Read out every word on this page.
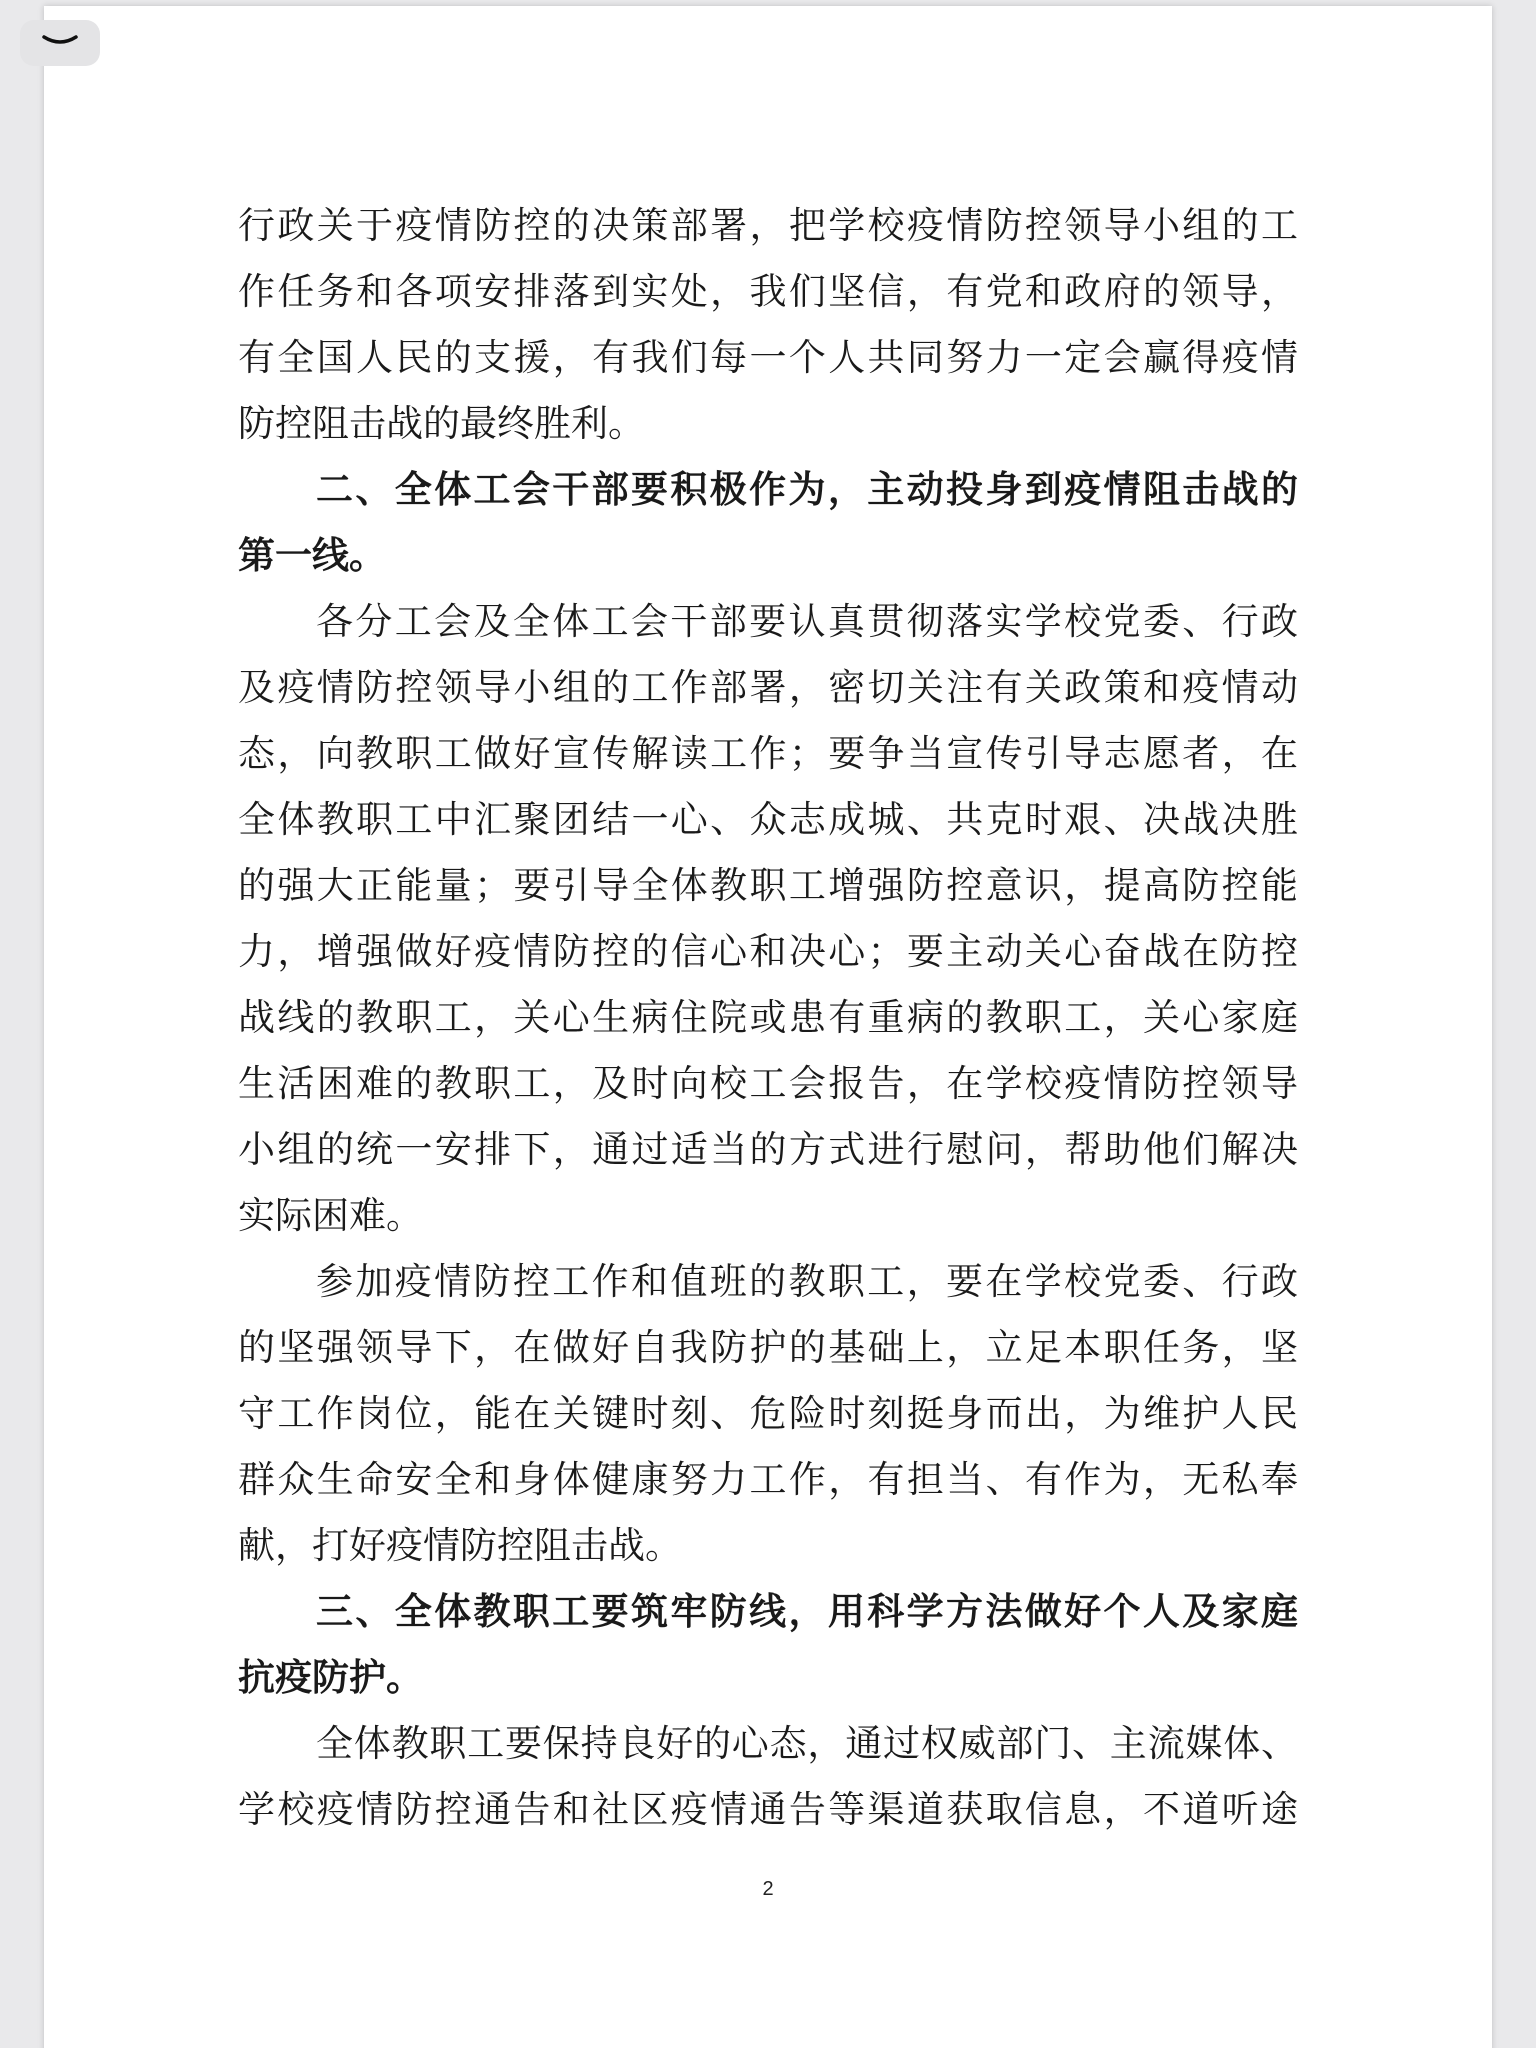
行政关于疫情防控的决策部署，把学校疫情防控领导小组的工
作任务和各项安排落到实处，我们坚信，有党和政府的领导，
有全国人民的支援，有我们每一个人共同努力一定会赢得疫情
防控阻击战的最终胜利。
二、全体工会干部要积极作为，主动投身到疫情阻击战的
第一线。
各分工会及全体工会干部要认真贯彻落实学校党委、行政
及疫情防控领导小组的工作部署，密切关注有关政策和疫情动
态，向教职工做好宣传解读工作；要争当宣传引导志愿者，在
全体教职工中汇聚团结一心、众志成城、共克时艰、决战决胜
的强大正能量；要引导全体教职工增强防控意识，提高防控能
力，增强做好疫情防控的信心和决心；要主动关心奋战在防控
战线的教职工，关心生病住院或患有重病的教职工，关心家庭
生活困难的教职工，及时向校工会报告，在学校疫情防控领导
小组的统一安排下，通过适当的方式进行慰问，帮助他们解决
实际困难。
参加疫情防控工作和值班的教职工，要在学校党委、行政
的坚强领导下，在做好自我防护的基础上，立足本职任务，坚
守工作岗位，能在关键时刻、危险时刻挺身而出，为维护人民
群众生命安全和身体健康努力工作，有担当、有作为，无私奉
献，打好疫情防控阻击战。
三、全体教职工要筑牢防线，用科学方法做好个人及家庭
抗疫防护。
全体教职工要保持良好的心态，通过权威部门、主流媒体、
学校疫情防控通告和社区疫情通告等渠道获取信息，不道听途
2
